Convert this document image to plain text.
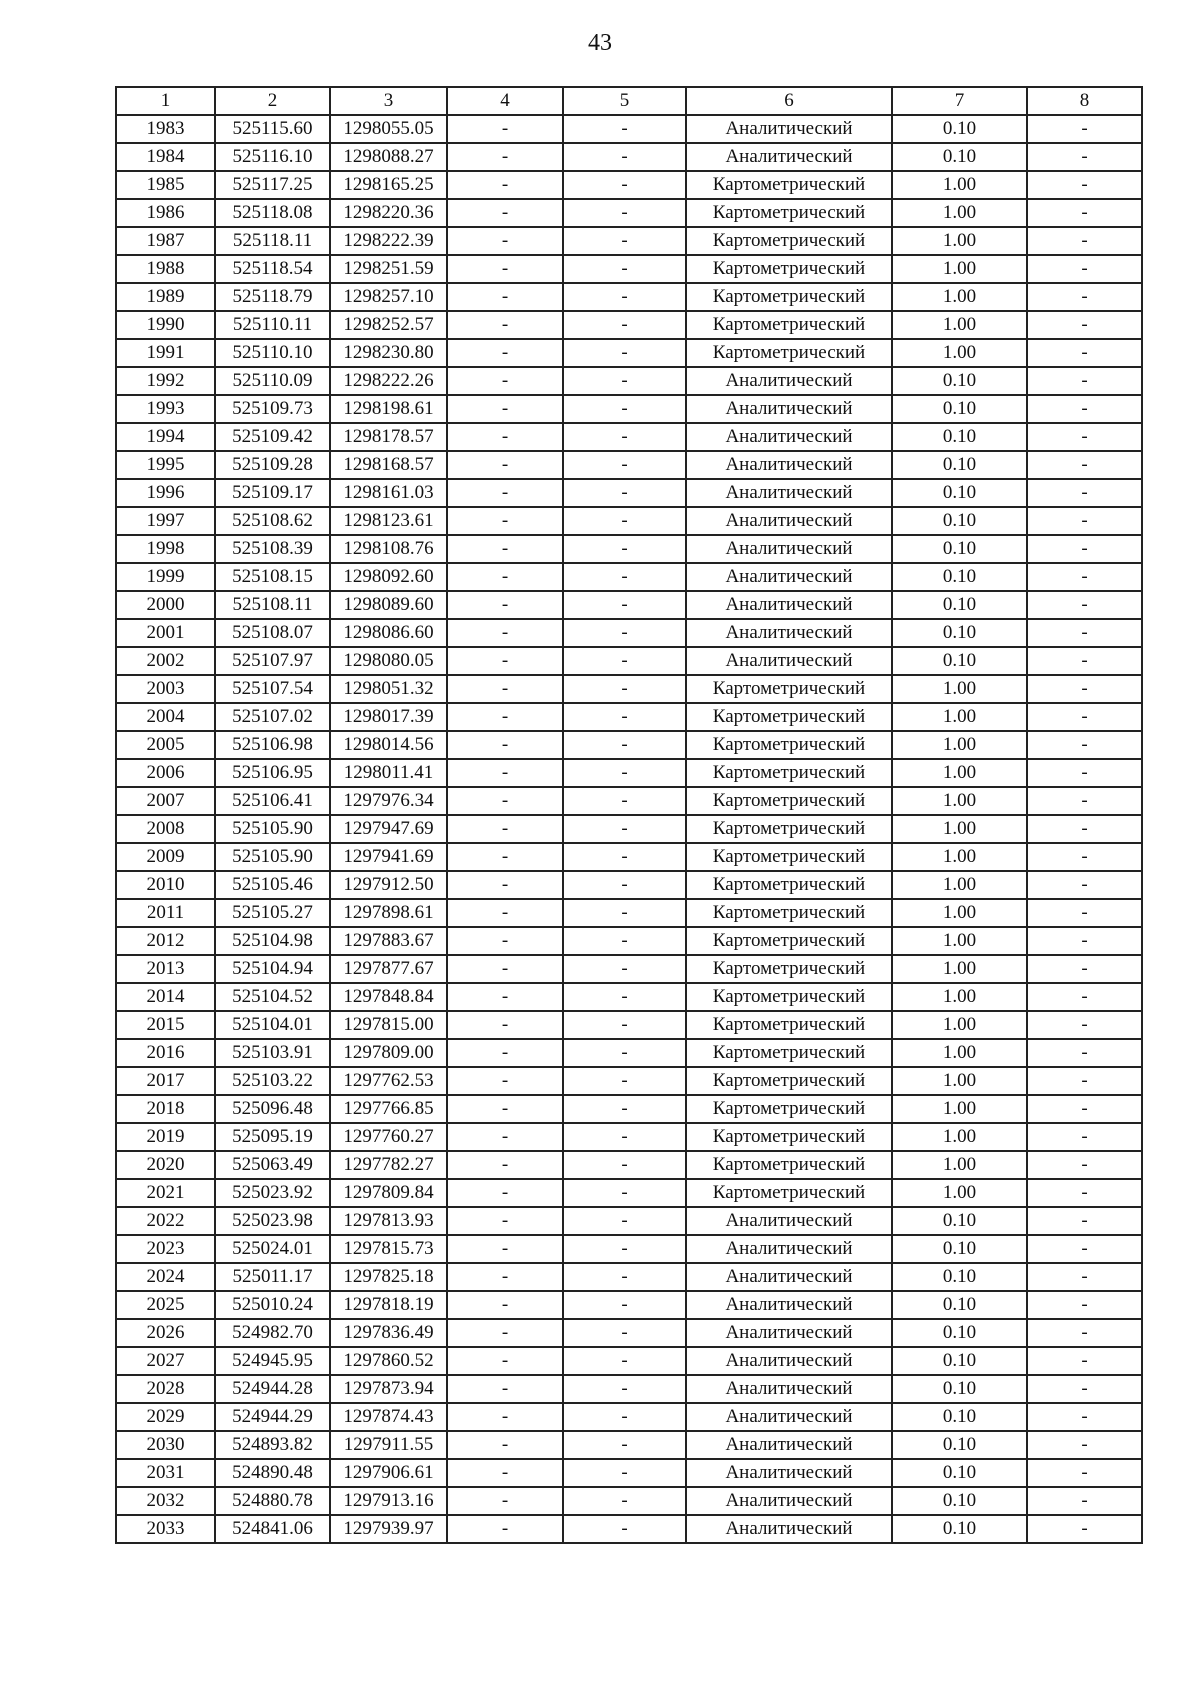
43
1	2	3	4	5	6	7	8
1983	525115.60	1298055.05	-	-	Аналитический	0.10	-
1984	525116.10	1298088.27	-	-	Аналитический	0.10	-
1985	525117.25	1298165.25	-	-	Картометрический	1.00	-
1986	525118.08	1298220.36	-	-	Картометрический	1.00	-
1987	525118.11	1298222.39	-	-	Картометрический	1.00	-
1988	525118.54	1298251.59	-	-	Картометрический	1.00	-
1989	525118.79	1298257.10	-	-	Картометрический	1.00	-
1990	525110.11	1298252.57	-	-	Картометрический	1.00	-
1991	525110.10	1298230.80	-	-	Картометрический	1.00	-
1992	525110.09	1298222.26	-	-	Аналитический	0.10	-
1993	525109.73	1298198.61	-	-	Аналитический	0.10	-
1994	525109.42	1298178.57	-	-	Аналитический	0.10	-
1995	525109.28	1298168.57	-	-	Аналитический	0.10	-
1996	525109.17	1298161.03	-	-	Аналитический	0.10	-
1997	525108.62	1298123.61	-	-	Аналитический	0.10	-
1998	525108.39	1298108.76	-	-	Аналитический	0.10	-
1999	525108.15	1298092.60	-	-	Аналитический	0.10	-
2000	525108.11	1298089.60	-	-	Аналитический	0.10	-
2001	525108.07	1298086.60	-	-	Аналитический	0.10	-
2002	525107.97	1298080.05	-	-	Аналитический	0.10	-
2003	525107.54	1298051.32	-	-	Картометрический	1.00	-
2004	525107.02	1298017.39	-	-	Картометрический	1.00	-
2005	525106.98	1298014.56	-	-	Картометрический	1.00	-
2006	525106.95	1298011.41	-	-	Картометрический	1.00	-
2007	525106.41	1297976.34	-	-	Картометрический	1.00	-
2008	525105.90	1297947.69	-	-	Картометрический	1.00	-
2009	525105.90	1297941.69	-	-	Картометрический	1.00	-
2010	525105.46	1297912.50	-	-	Картометрический	1.00	-
2011	525105.27	1297898.61	-	-	Картометрический	1.00	-
2012	525104.98	1297883.67	-	-	Картометрический	1.00	-
2013	525104.94	1297877.67	-	-	Картометрический	1.00	-
2014	525104.52	1297848.84	-	-	Картометрический	1.00	-
2015	525104.01	1297815.00	-	-	Картометрический	1.00	-
2016	525103.91	1297809.00	-	-	Картометрический	1.00	-
2017	525103.22	1297762.53	-	-	Картометрический	1.00	-
2018	525096.48	1297766.85	-	-	Картометрический	1.00	-
2019	525095.19	1297760.27	-	-	Картометрический	1.00	-
2020	525063.49	1297782.27	-	-	Картометрический	1.00	-
2021	525023.92	1297809.84	-	-	Картометрический	1.00	-
2022	525023.98	1297813.93	-	-	Аналитический	0.10	-
2023	525024.01	1297815.73	-	-	Аналитический	0.10	-
2024	525011.17	1297825.18	-	-	Аналитический	0.10	-
2025	525010.24	1297818.19	-	-	Аналитический	0.10	-
2026	524982.70	1297836.49	-	-	Аналитический	0.10	-
2027	524945.95	1297860.52	-	-	Аналитический	0.10	-
2028	524944.28	1297873.94	-	-	Аналитический	0.10	-
2029	524944.29	1297874.43	-	-	Аналитический	0.10	-
2030	524893.82	1297911.55	-	-	Аналитический	0.10	-
2031	524890.48	1297906.61	-	-	Аналитический	0.10	-
2032	524880.78	1297913.16	-	-	Аналитический	0.10	-
2033	524841.06	1297939.97	-	-	Аналитический	0.10	-
